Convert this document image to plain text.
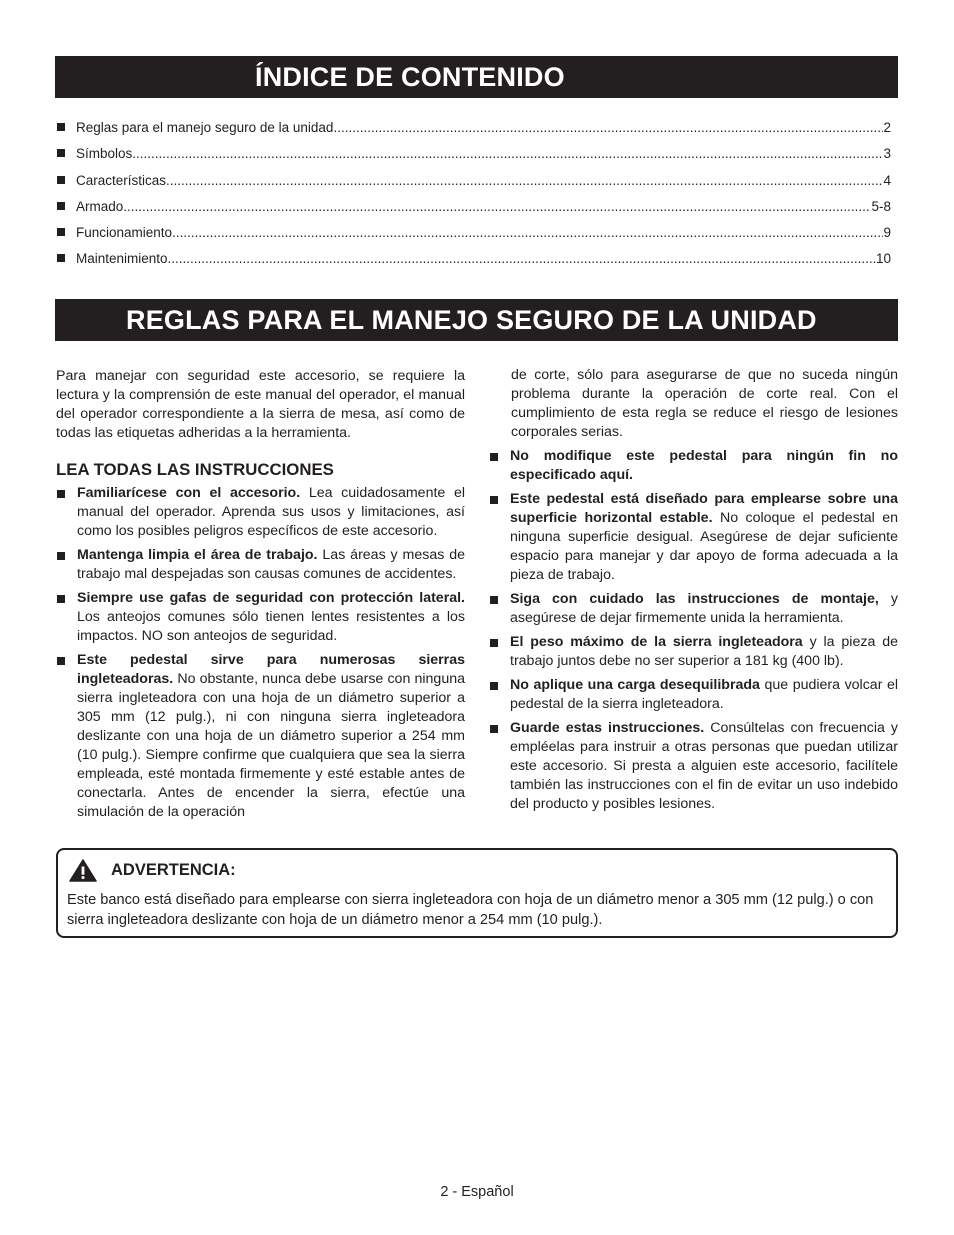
ÍNDICE DE CONTENIDO
Reglas para el manejo seguro de la unidad .....	2
Símbolos .....	3
Características .....	4
Armado .....	5-8
Funcionamiento .....	9
Maintenimiento .....	10
REGLAS PARA EL MANEJO SEGURO DE LA UNIDAD

Para manejar con seguridad este accesorio, se requiere la lectura y la comprensión de este manual del operador, el manual del operador correspondiente a la sierra de mesa, así como de todas las etiquetas adheridas a la herramienta.

LEA TODAS LAS INSTRUCCIONES
Familiarícese con el accesorio. Lea cuidadosamente el manual del operador. Aprenda sus usos y limitaciones, así como los posibles peligros específicos de este accesorio.
Mantenga limpia el área de trabajo. Las áreas y mesas de trabajo mal despejadas son causas comunes de accidentes.
Siempre use gafas de seguridad con protección lateral. Los anteojos comunes sólo tienen lentes resistentes a los impactos. NO son anteojos de seguridad.
Este pedestal sirve para numerosas sierras ingleteadoras. No obstante, nunca debe usarse con ninguna sierra ingleteadora con una hoja de un diámetro superior a 305 mm (12 pulg.), ni con ninguna sierra ingleteadora deslizante con una hoja de un diámetro superior a 254 mm (10 pulg.). Siempre confirme que cualquiera que sea la sierra empleada, esté montada firmemente y esté estable antes de conectarla. Antes de encender la sierra, efectúe una simulación de la operación

de corte, sólo para asegurarse de que no suceda ningún problema durante la operación de corte real. Con el cumplimiento de esta regla se reduce el riesgo de lesiones corporales serias.

No modifique este pedestal para ningún fin no especificado aquí.
Este pedestal está diseñado para emplearse sobre una superficie horizontal estable. No coloque el pedestal en ninguna superficie desigual. Asegúrese de dejar suficiente espacio para manejar y dar apoyo de forma adecuada a la pieza de trabajo.
Siga con cuidado las instrucciones de montaje, y asegúrese de dejar firmemente unida la herramienta.
El peso máximo de la sierra ingleteadora y la pieza de trabajo juntos debe no ser superior a 181 kg (400 lb).
No aplique una carga desequilibrada que pudiera volcar el pedestal de la sierra ingleteadora.
Guarde estas instrucciones. Consúltelas con frecuencia y empléelas para instruir a otras personas que puedan utilizar este accesorio. Si presta a alguien este accesorio, facilítele también las instrucciones con el fin de evitar un uso indebido del producto y posibles lesiones.
ADVERTENCIA:
Este banco está diseñado para emplearse con sierra ingleteadora con hoja de un diámetro menor a 305 mm (12 pulg.) o con sierra ingleteadora deslizante con hoja de un diámetro menor a 254 mm (10 pulg.).
2 - Español
